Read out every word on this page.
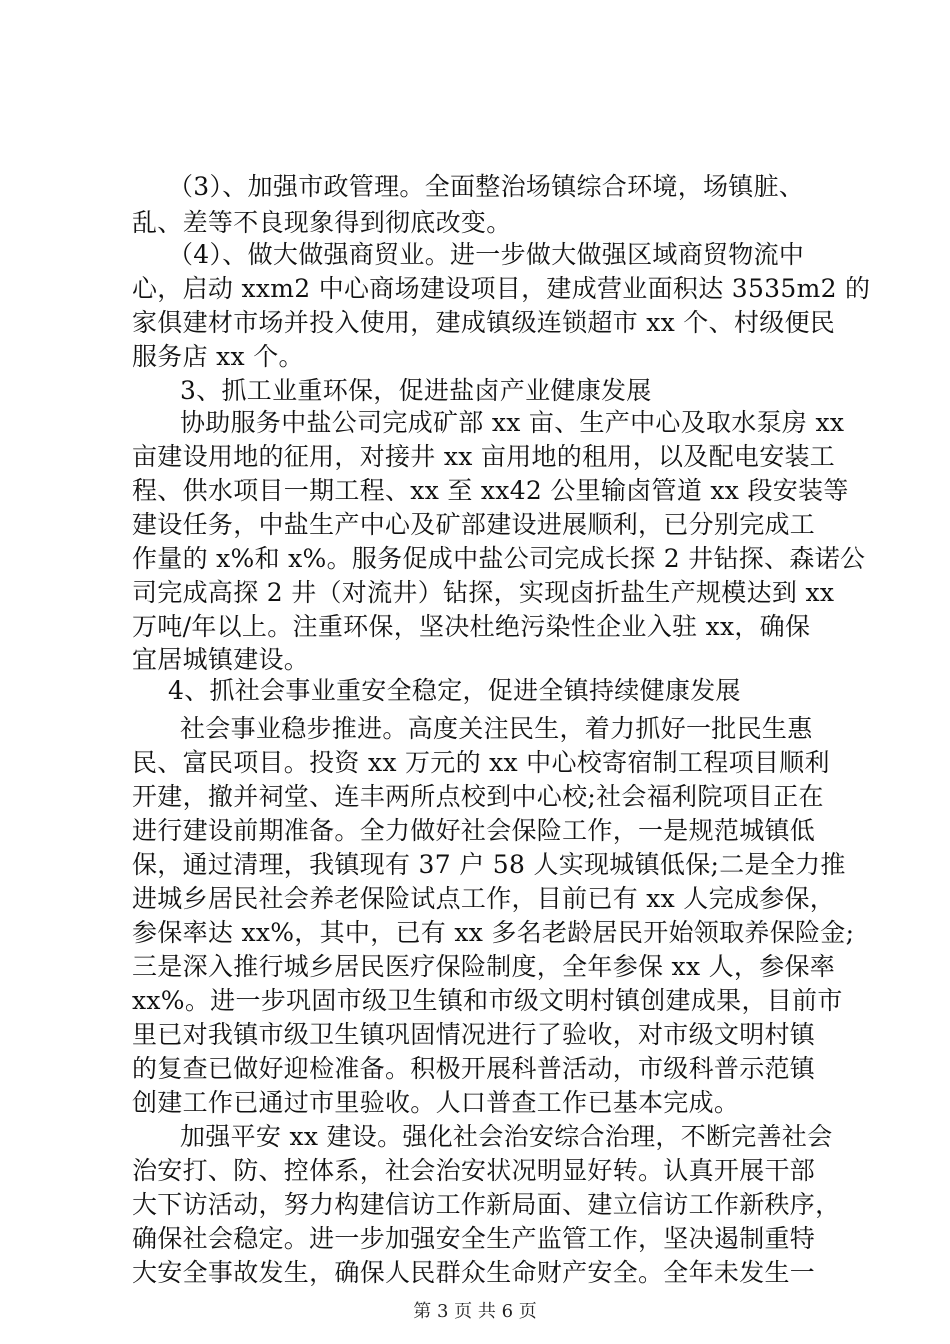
（3）、加强市政管理。全面整治场镇综合环境，场镇脏、
乱、差等不良现象得到彻底改变。
（4）、做大做强商贸业。进一步做大做强区域商贸物流中
心，启动 xxm2 中心商场建设项目，建成营业面积达 3535m2 的
家俱建材市场并投入使用，建成镇级连锁超市 xx 个、村级便民
服务店 xx 个。
3、抓工业重环保，促进盐卤产业健康发展
协助服务中盐公司完成矿部 xx 亩、生产中心及取水泵房 xx
亩建设用地的征用，对接井 xx 亩用地的租用，以及配电安装工
程、供水项目一期工程、xx 至 xx42 公里输卤管道 xx 段安装等
建设任务，中盐生产中心及矿部建设进展顺利，已分别完成工
作量的 x%和 x%。服务促成中盐公司完成长探 2 井钻探、森诺公
司完成高探 2 井（对流井）钻探，实现卤折盐生产规模达到 xx
万吨/年以上。注重环保，坚决杜绝污染性企业入驻 xx，确保
宜居城镇建设。
4、抓社会事业重安全稳定，促进全镇持续健康发展
社会事业稳步推进。高度关注民生，着力抓好一批民生惠
民、富民项目。投资 xx 万元的 xx 中心校寄宿制工程项目顺利
开建，撤并祠堂、连丰两所点校到中心校;社会福利院项目正在
进行建设前期准备。全力做好社会保险工作，一是规范城镇低
保，通过清理，我镇现有 37 户 58 人实现城镇低保;二是全力推
进城乡居民社会养老保险试点工作，目前已有 xx 人完成参保，
参保率达 xx%，其中，已有 xx 多名老龄居民开始领取养保险金;
三是深入推行城乡居民医疗保险制度，全年参保 xx 人，参保率
xx%。进一步巩固市级卫生镇和市级文明村镇创建成果，目前市
里已对我镇市级卫生镇巩固情况进行了验收，对市级文明村镇
的复查已做好迎检准备。积极开展科普活动，市级科普示范镇
创建工作已通过市里验收。人口普查工作已基本完成。
加强平安 xx 建设。强化社会治安综合治理，不断完善社会
治安打、防、控体系，社会治安状况明显好转。认真开展干部
大下访活动，努力构建信访工作新局面、建立信访工作新秩序，
确保社会稳定。进一步加强安全生产监管工作，坚决遏制重特
大安全事故发生，确保人民群众生命财产安全。全年未发生一
第 3 页 共 6 页
